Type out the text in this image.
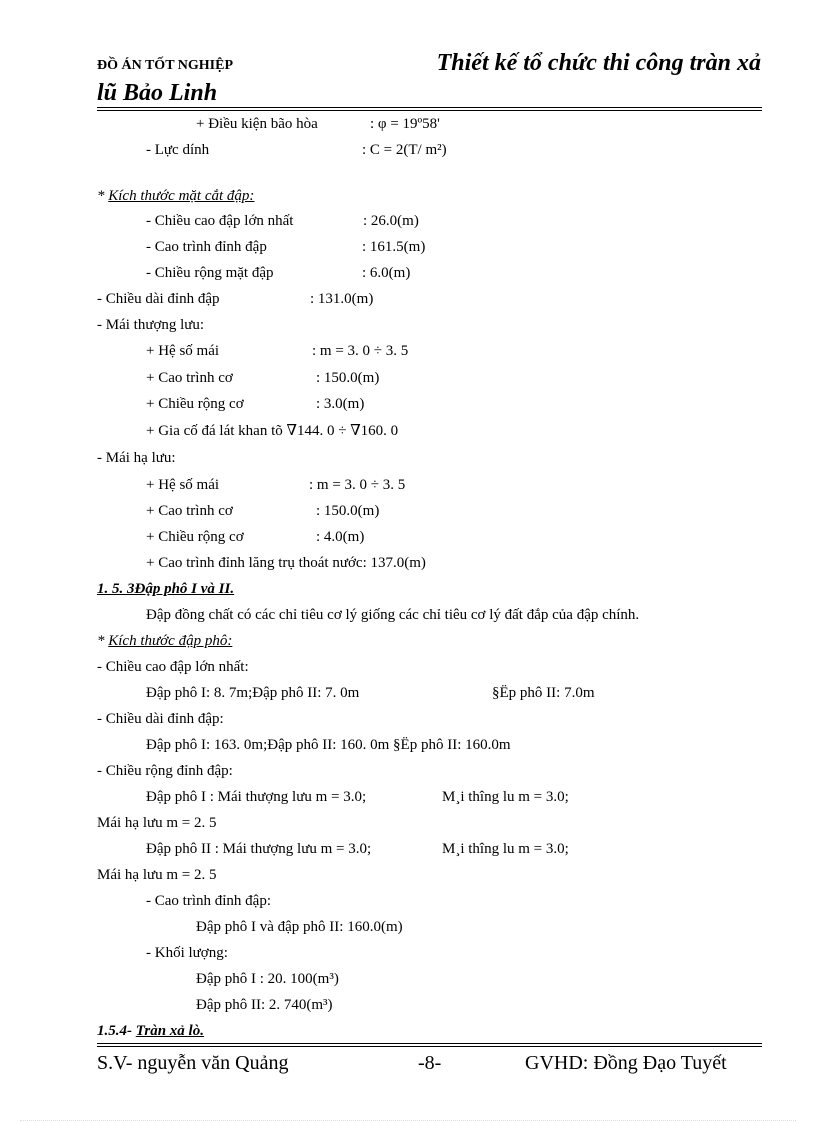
ĐỒ ÁN TỐT NGHIỆP	Thiết kế tổ chức thi công tràn xả
lũ Bảo Linh
+ Điều kiện bão hòa	: φ = 19º58'
- Lực dính	: C = 2(T/ m²)
* Kích thước mặt cắt đập:
- Chiều cao đập lớn nhất	: 26.0(m)
- Cao trình đỉnh đập	: 161.5(m)
- Chiều rộng mặt đập	: 6.0(m)
- Chiều dài đỉnh đập	: 131.0(m)
- Mái thượng lưu:
+ Hệ số mái	: m = 3. 0 ÷ 3. 5
+ Cao trình cơ	: 150.0(m)
+ Chiều rộng cơ	: 3.0(m)
+ Gia cố đá lát khan tõ ∇144. 0 ÷ ∇160. 0
- Mái hạ lưu:
+ Hệ số mái	: m = 3. 0 ÷ 3. 5
+ Cao trình cơ	: 150.0(m)
+ Chiều rộng cơ	: 4.0(m)
+ Cao trình đỉnh lăng trụ thoát nước: 137.0(m)
1. 5. 3Đập phô I và II.
Đập đồng chất có các chỉ tiêu cơ lý giống các chỉ tiêu cơ lý đất đắp của đập chính.
* Kích thước đập phô:
- Chiều cao đập lớn nhất:
Đập phô I: 8. 7m;Đập phô II: 7. 0m	§Ëp phô II: 7.0m
- Chiều dài đỉnh đập:
Đập phô I: 163. 0m;Đập phô II: 160. 0m §Ëp phô II: 160.0m
- Chiều rộng đỉnh đập:
Đập phô I : Mái thượng lưu m = 3.0;	M¸i thîng lu m = 3.0;
Mái hạ lưu m = 2. 5
Đập phô II : Mái thượng lưu m = 3.0;	M¸i thîng lu m = 3.0;
Mái hạ lưu m = 2. 5
- Cao trình đỉnh đập:
Đập phô I và đập phô II: 160.0(m)
- Khối lượng:
Đập phô I : 20. 100(m³)
Đập phô II: 2. 740(m³)
1.5.4- Tràn xả lò.
S.V- nguyễn văn Quảng	-8-	GVHD: Đồng Đạo Tuyết
